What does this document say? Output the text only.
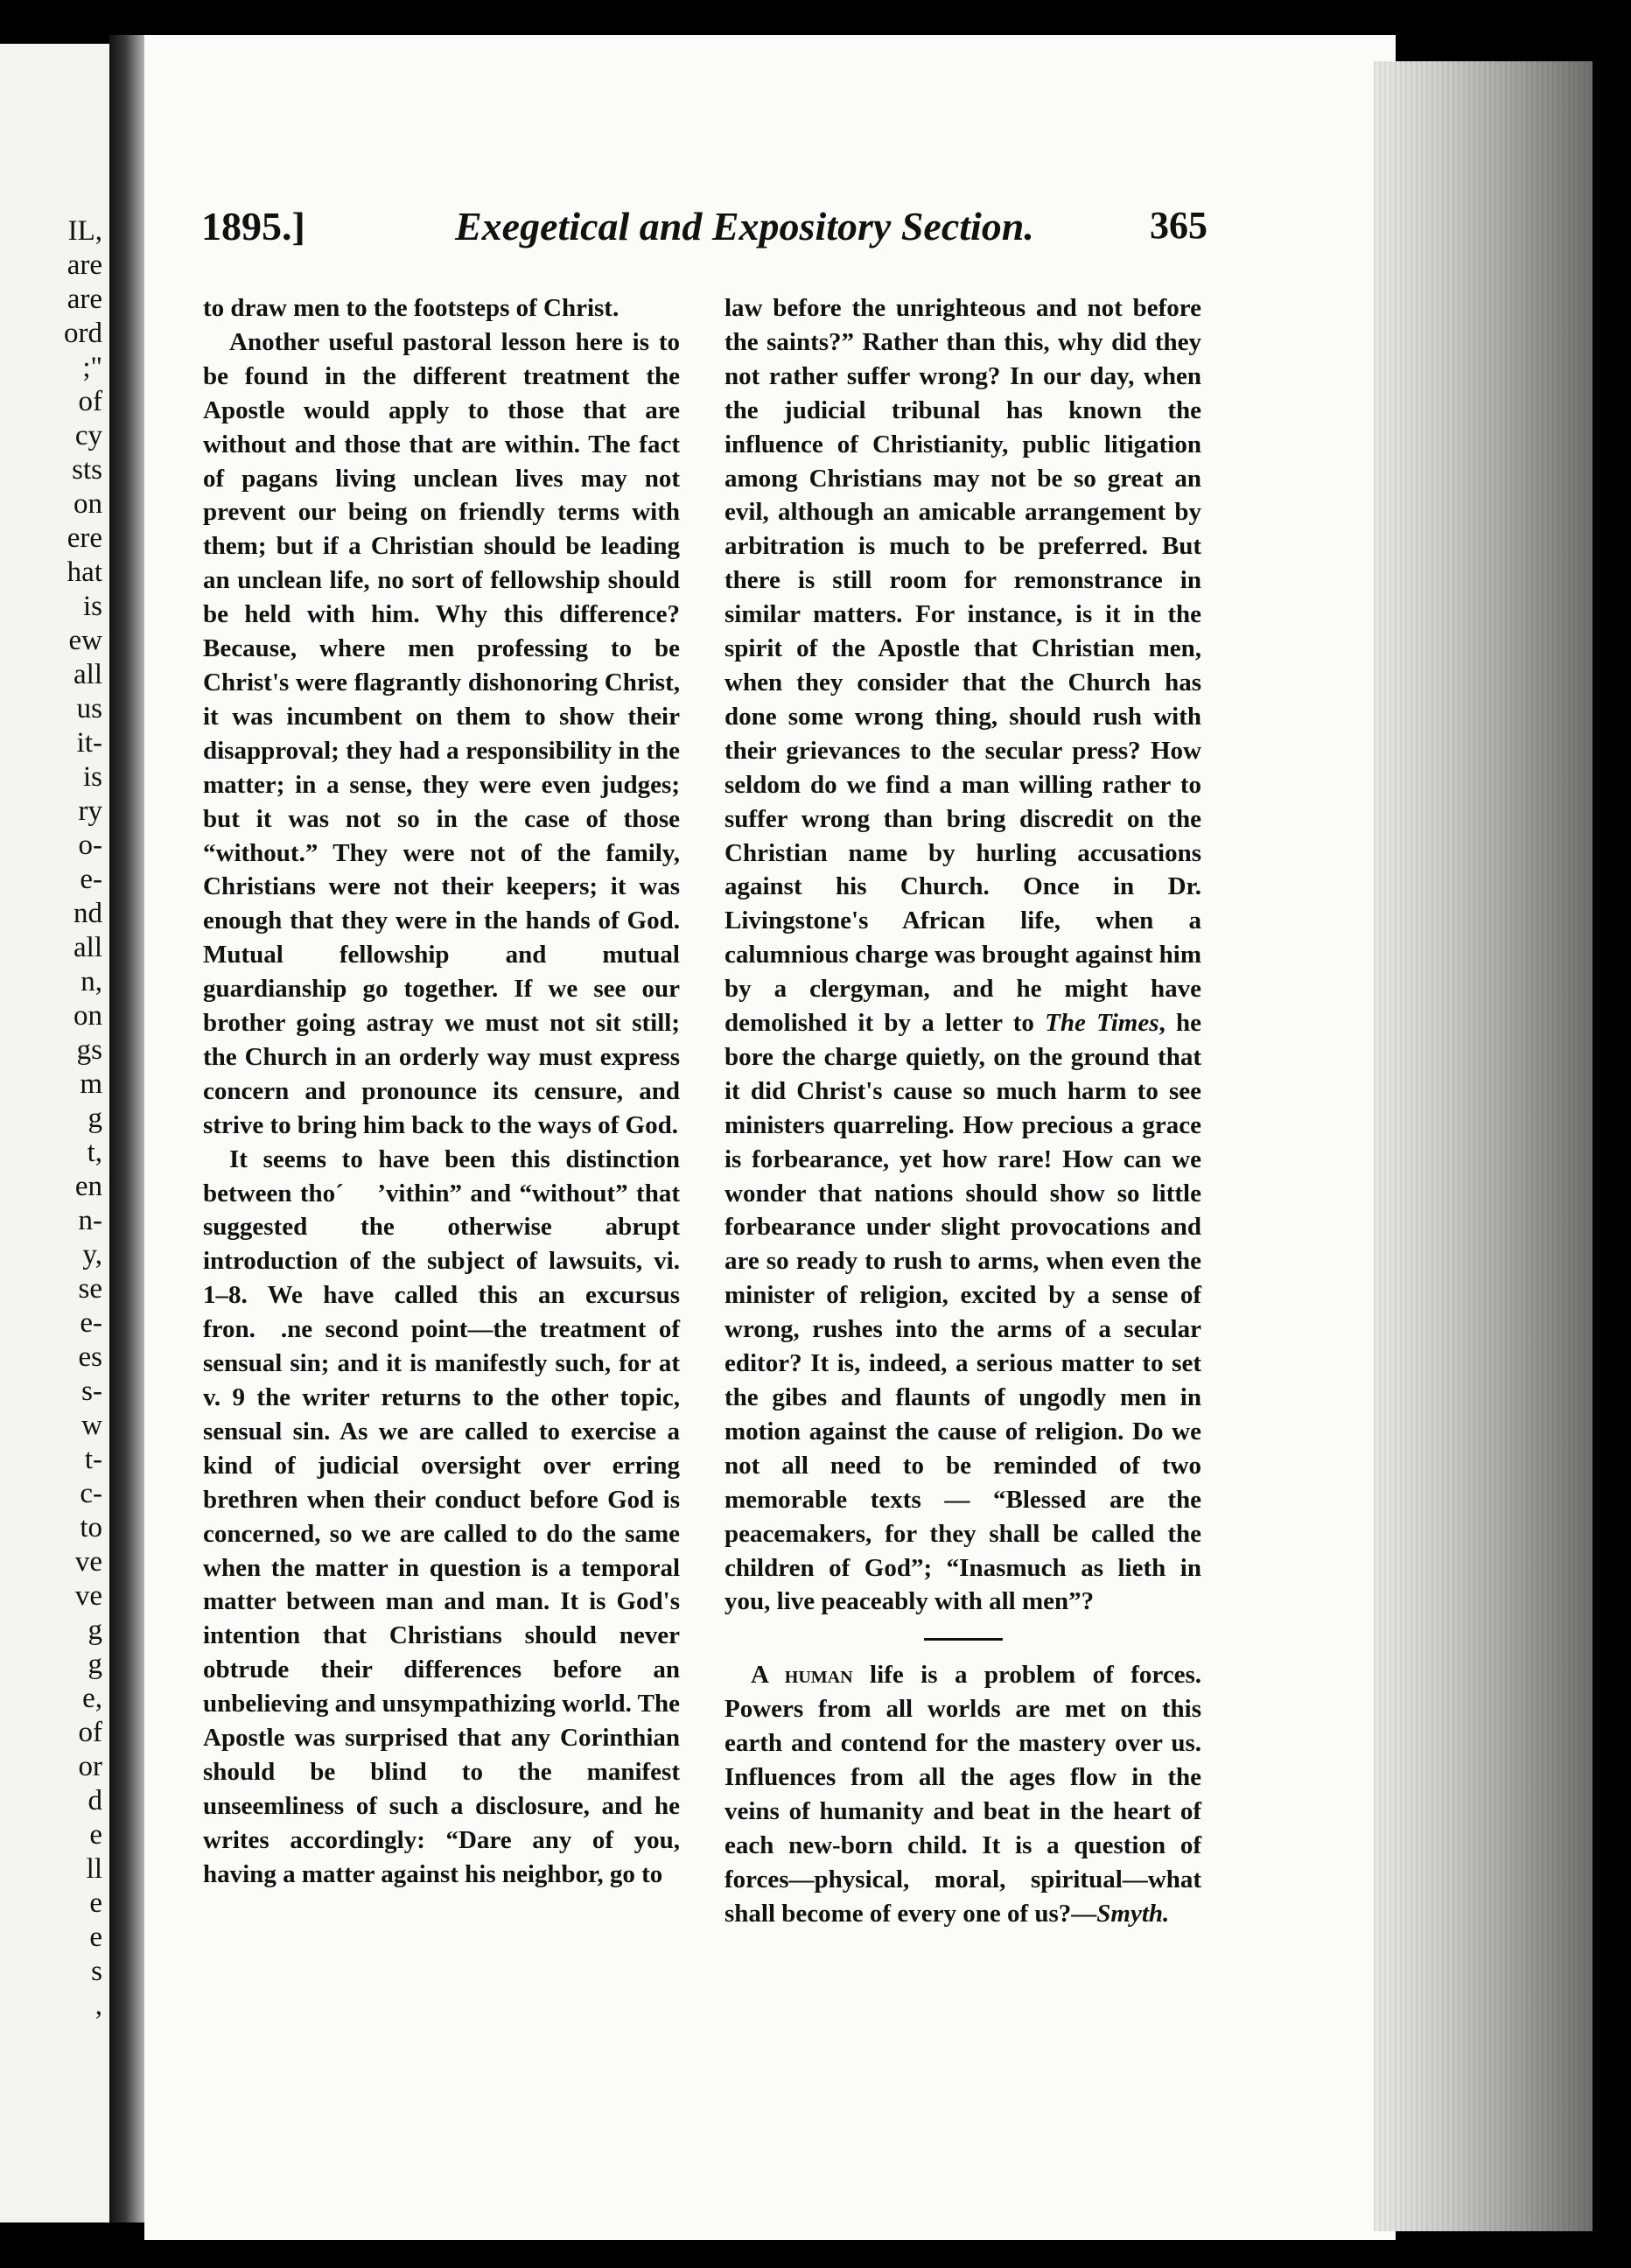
IL,
are
are
ord
;"
of
cy
sts
on
ere
hat
is
ew
all
us
it-
is
ry
o-
e-
nd
all
n,
on
gs
m
g
t,
en
n-
y,
se
e-
es
s-
w
t-
c-
to
ve
ve
g
g
e,
of
or
d
e
ll
e
e
s
,
1895.]	Exegetical and Expository Section.	365

to draw men to the footsteps of Christ.

Another useful pastoral lesson here is to be found in the different treatment the Apostle would apply to those that are without and those that are within. The fact of pagans living unclean lives may not prevent our being on friendly terms with them; but if a Christian should be leading an unclean life, no sort of fellowship should be held with him. Why this difference? Because, where men professing to be Christ's were flagrantly dishonoring Christ, it was incumbent on them to show their disapproval; they had a responsibility in the matter; in a sense, they were even judges; but it was not so in the case of those “without.” They were not of the family, Christians were not their keepers; it was enough that they were in the hands of God. Mutual fellowship and mutual guardianship go together. If we see our brother going astray we must not sit still; the Church in an orderly way must express concern and pronounce its censure, and strive to bring him back to the ways of God.

It seems to have been this distinction between tho´  ʼvithin” and “without” that suggested the otherwise abrupt introduction of the subject of lawsuits, vi. 1–8. We have called this an excursus fron. .ne second point—the treatment of sensual sin; and it is manifestly such, for at v. 9 the writer returns to the other topic, sensual sin. As we are called to exercise a kind of judicial oversight over erring brethren when their conduct before God is concerned, so we are called to do the same when the matter in question is a temporal matter between man and man. It is God's intention that Christians should never obtrude their differences before an unbelieving and unsympathizing world. The Apostle was surprised that any Corinthian should be blind to the manifest unseemliness of such a disclosure, and he writes accordingly: “Dare any of you, having a matter against his neighbor, go to

law before the unrighteous and not before the saints?” Rather than this, why did they not rather suffer wrong? In our day, when the judicial tribunal has known the influence of Christianity, public litigation among Christians may not be so great an evil, although an amicable arrangement by arbitration is much to be preferred. But there is still room for remonstrance in similar matters. For instance, is it in the spirit of the Apostle that Christian men, when they consider that the Church has done some wrong thing, should rush with their grievances to the secular press? How seldom do we find a man willing rather to suffer wrong than bring discredit on the Christian name by hurling accusations against his Church. Once in Dr. Livingstone's African life, when a calumnious charge was brought against him by a clergyman, and he might have demolished it by a letter to The Times, he bore the charge quietly, on the ground that it did Christ's cause so much harm to see ministers quarreling. How precious a grace is forbearance, yet how rare! How can we wonder that nations should show so little forbearance under slight provocations and are so ready to rush to arms, when even the minister of religion, excited by a sense of wrong, rushes into the arms of a secular editor? It is, indeed, a serious matter to set the gibes and flaunts of ungodly men in motion against the cause of religion. Do we not all need to be reminded of two memorable texts — “Blessed are the peacemakers, for they shall be called the children of God”; “Inasmuch as lieth in you, live peaceably with all men”?

A human life is a problem of forces. Powers from all worlds are met on this earth and contend for the mastery over us. Influences from all the ages flow in the veins of humanity and beat in the heart of each new-born child. It is a question of forces—physical, moral, spiritual—what shall become of every one of us?—Smyth.
